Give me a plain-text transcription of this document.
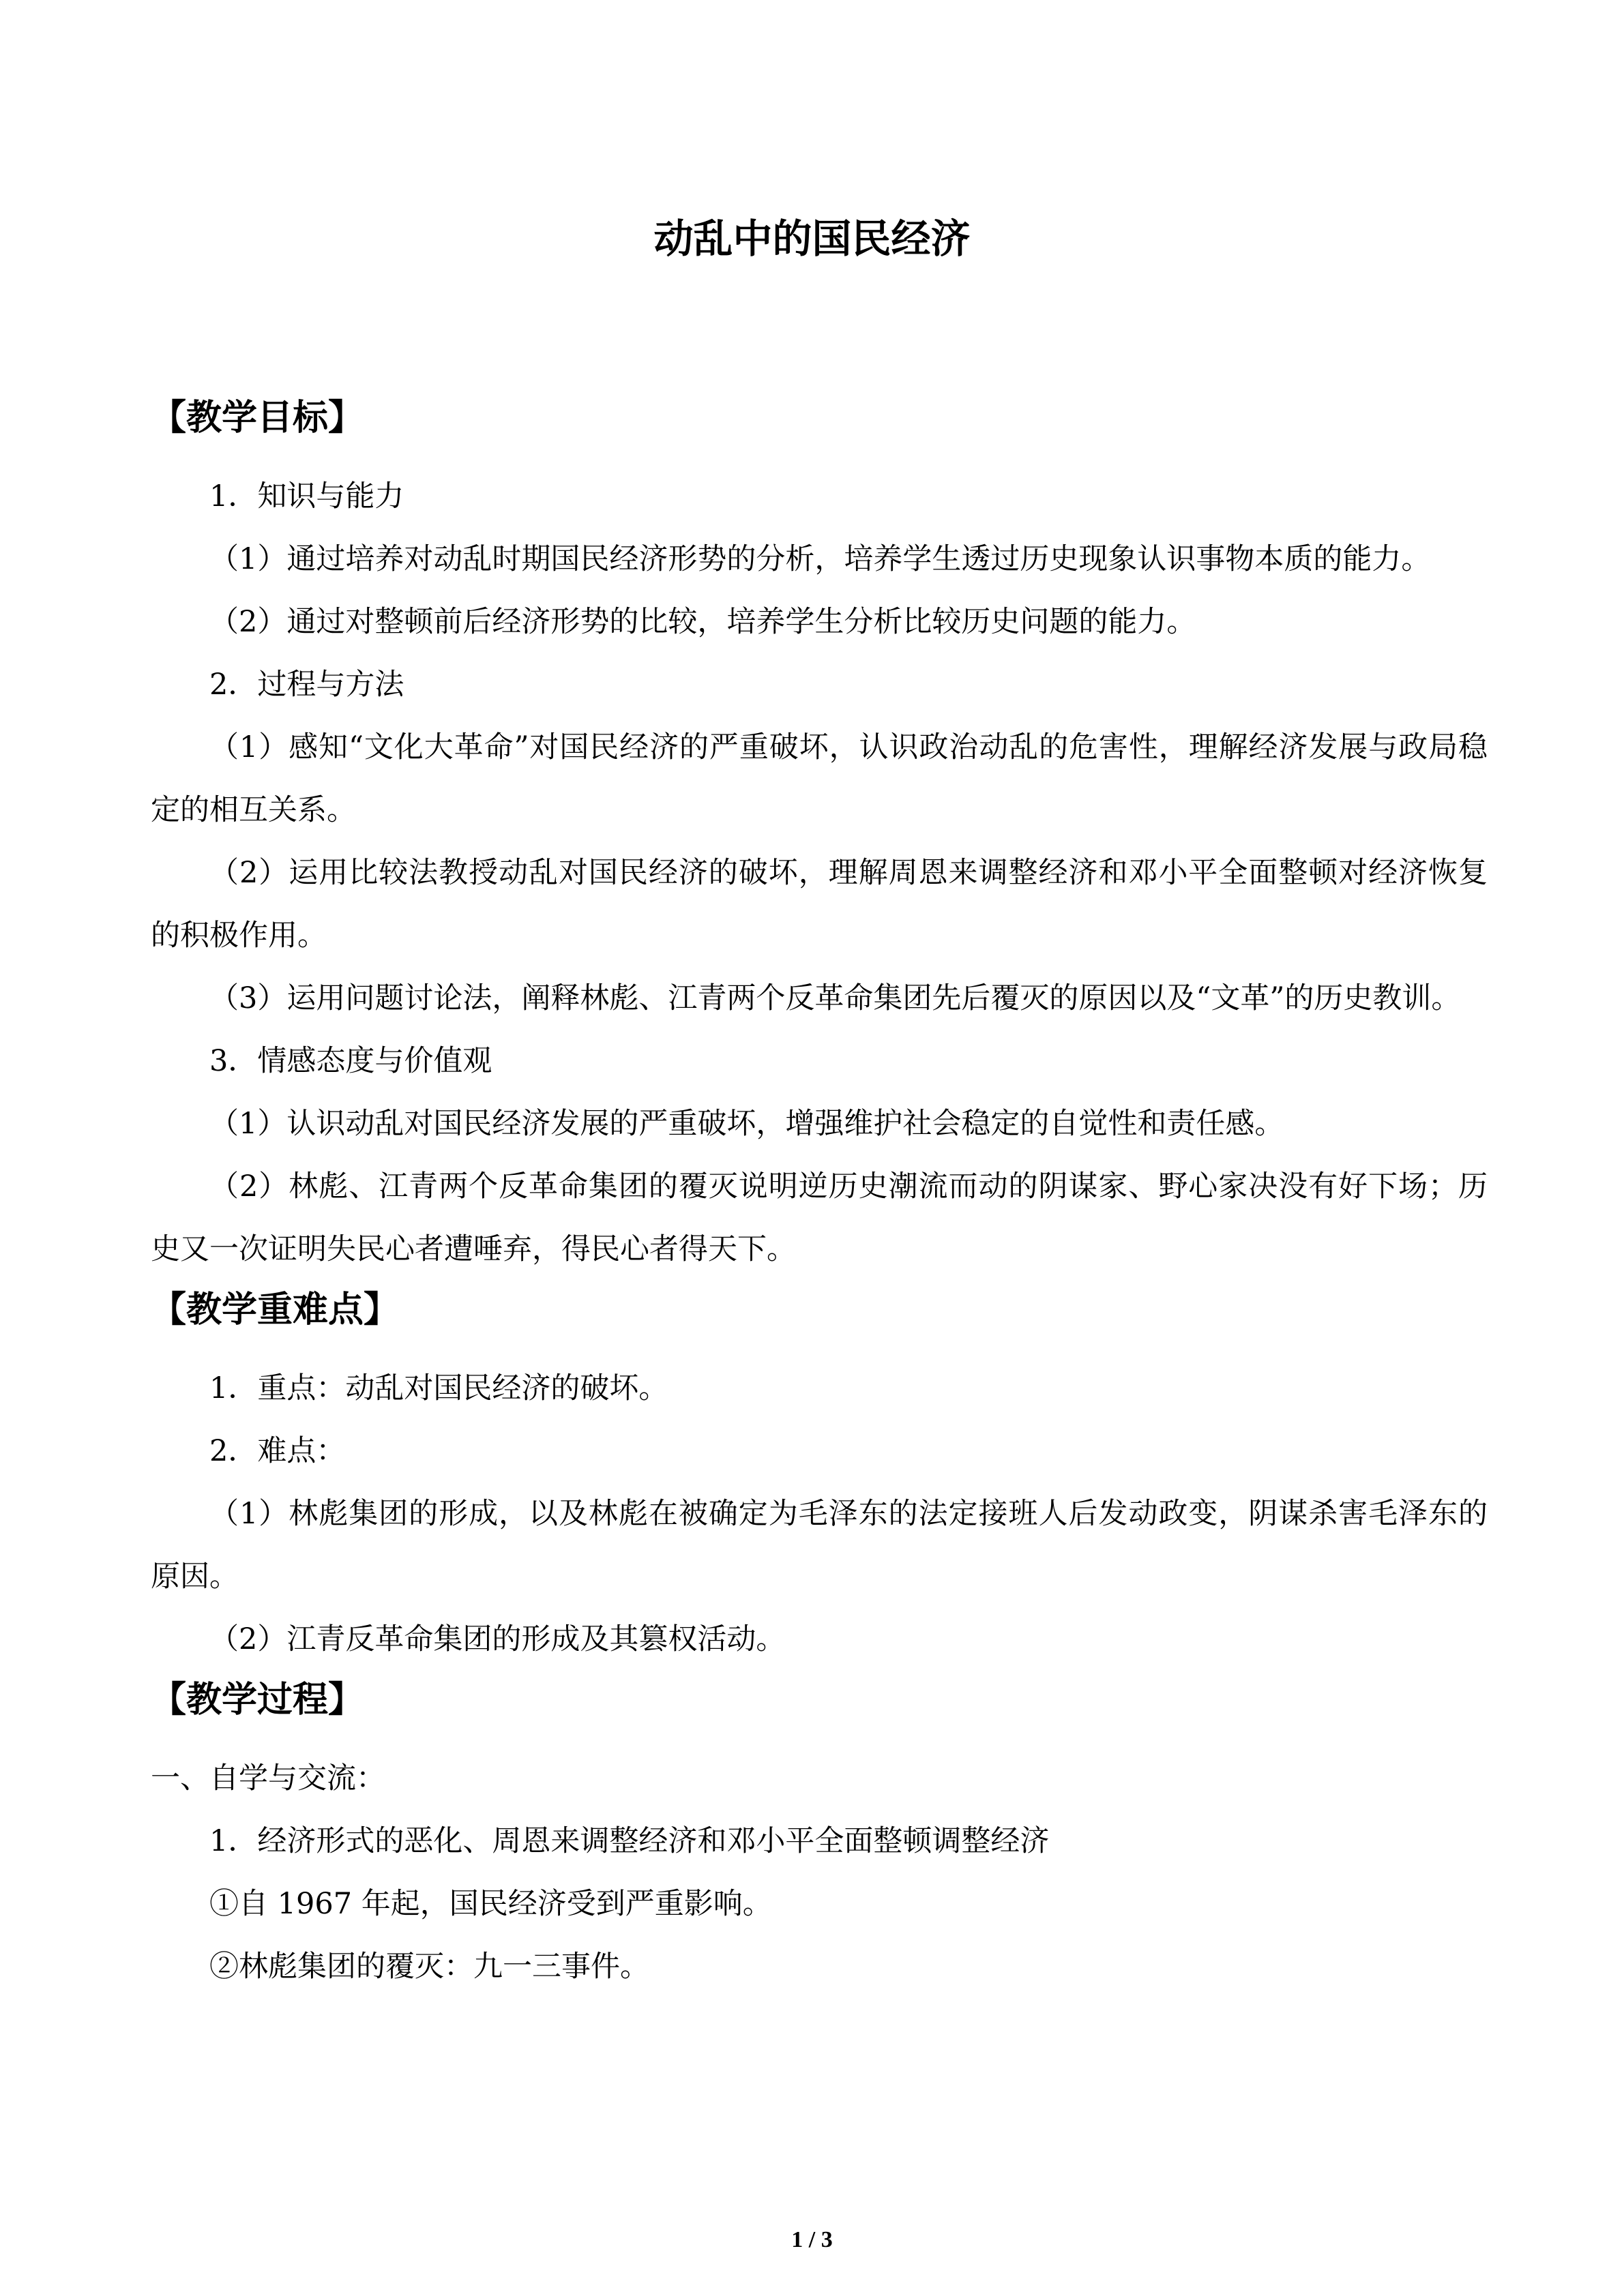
动乱中的国民经济
【教学目标】

1．知识与能力

（1）通过培养对动乱时期国民经济形势的分析，培养学生透过历史现象认识事物本质的能力。

（2）通过对整顿前后经济形势的比较，培养学生分析比较历史问题的能力。

2．过程与方法

（1）感知“文化大革命”对国民经济的严重破坏，认识政治动乱的危害性，理解经济发展与政局稳定的相互关系。

（2）运用比较法教授动乱对国民经济的破坏，理解周恩来调整经济和邓小平全面整顿对经济恢复的积极作用。

（3）运用问题讨论法，阐释林彪、江青两个反革命集团先后覆灭的原因以及“文革”的历史教训。

3．情感态度与价值观

（1）认识动乱对国民经济发展的严重破坏，增强维护社会稳定的自觉性和责任感。

（2）林彪、江青两个反革命集团的覆灭说明逆历史潮流而动的阴谋家、野心家决没有好下场；历史又一次证明失民心者遭唾弃，得民心者得天下。

【教学重难点】

1．重点：动乱对国民经济的破坏。

2．难点：

（1）林彪集团的形成，以及林彪在被确定为毛泽东的法定接班人后发动政变，阴谋杀害毛泽东的原因。

（2）江青反革命集团的形成及其篡权活动。

【教学过程】

一、自学与交流：

1．经济形式的恶化、周恩来调整经济和邓小平全面整顿调整经济

①自 1967 年起，国民经济受到严重影响。

②林彪集团的覆灭：九一三事件。

1 / 3
